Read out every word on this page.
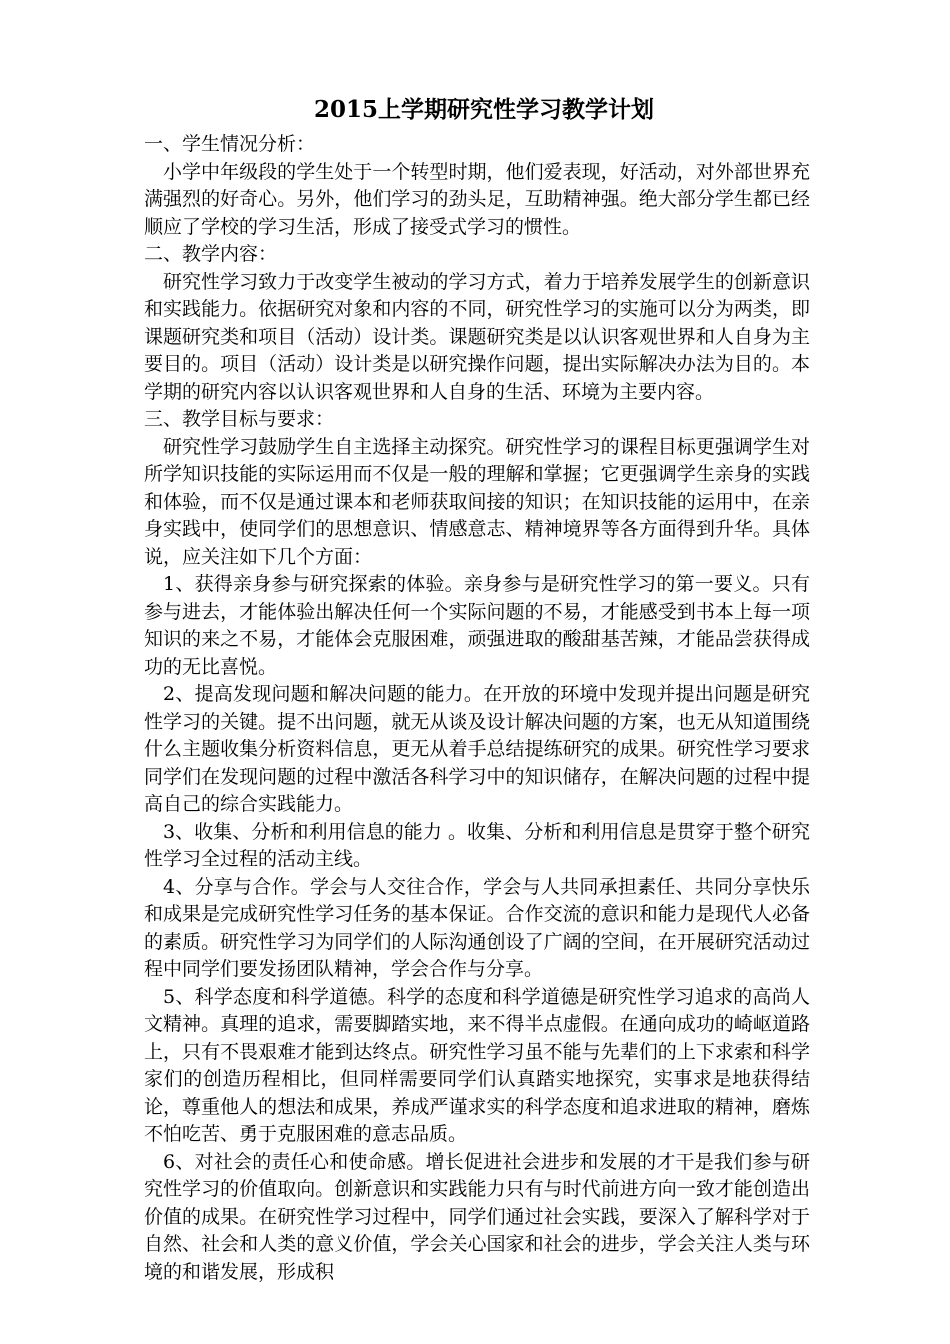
2015上学期研究性学习教学计划

一、学生情况分析：

小学中年级段的学生处于一个转型时期，他们爱表现，好活动，对外部世界充满强烈的好奇心。另外，他们学习的劲头足，互助精神强。绝大部分学生都已经顺应了学校的学习生活，形成了接受式学习的惯性。

二、教学内容：

研究性学习致力于改变学生被动的学习方式，着力于培养发展学生的创新意识和实践能力。依据研究对象和内容的不同，研究性学习的实施可以分为两类，即课题研究类和项目（活动）设计类。课题研究类是以认识客观世界和人自身为主要目的。项目（活动）设计类是以研究操作问题，提出实际解决办法为目的。本学期的研究内容以认识客观世界和人自身的生活、环境为主要内容。

三、教学目标与要求：

研究性学习鼓励学生自主选择主动探究。研究性学习的课程目标更强调学生对所学知识技能的实际运用而不仅是一般的理解和掌握；它更强调学生亲身的实践和体验，而不仅是通过课本和老师获取间接的知识；在知识技能的运用中，在亲身实践中，使同学们的思想意识、情感意志、精神境界等各方面得到升华。具体说，应关注如下几个方面：

1、获得亲身参与研究探索的体验。亲身参与是研究性学习的第一要义。只有参与进去，才能体验出解决任何一个实际问题的不易，才能感受到书本上每一项知识的来之不易，才能体会克服困难，顽强进取的酸甜基苦辣，才能品尝获得成功的无比喜悦。

2、提高发现问题和解决问题的能力。在开放的环境中发现并提出问题是研究性学习的关键。提不出问题，就无从谈及设计解决问题的方案，也无从知道围绕什么主题收集分析资料信息，更无从着手总结提练研究的成果。研究性学习要求同学们在发现问题的过程中激活各科学习中的知识储存，在解决问题的过程中提高自己的综合实践能力。

3、收集、分析和利用信息的能力 。收集、分析和利用信息是贯穿于整个研究性学习全过程的活动主线。

4、分享与合作。学会与人交往合作，学会与人共同承担素任、共同分享快乐和成果是完成研究性学习任务的基本保证。合作交流的意识和能力是现代人必备的素质。研究性学习为同学们的人际沟通创设了广阔的空间，在开展研究活动过程中同学们要发扬团队精神，学会合作与分享。

5、科学态度和科学道德。科学的态度和科学道德是研究性学习追求的高尚人文精神。真理的追求，需要脚踏实地，来不得半点虚假。在通向成功的崎岖道路上，只有不畏艰难才能到达终点。研究性学习虽不能与先辈们的上下求索和科学家们的创造历程相比，但同样需要同学们认真踏实地探究，实事求是地获得结论，尊重他人的想法和成果，养成严谨求实的科学态度和追求进取的精神，磨炼不怕吃苦、勇于克服困难的意志品质。

6、对社会的责任心和使命感。增长促进社会进步和发展的才干是我们参与研究性学习的价值取向。创新意识和实践能力只有与时代前进方向一致才能创造出价值的成果。在研究性学习过程中，同学们通过社会实践，要深入了解科学对于自然、社会和人类的意义价值，学会关心国家和社会的进步，学会关注人类与环境的和谐发展，形成积
